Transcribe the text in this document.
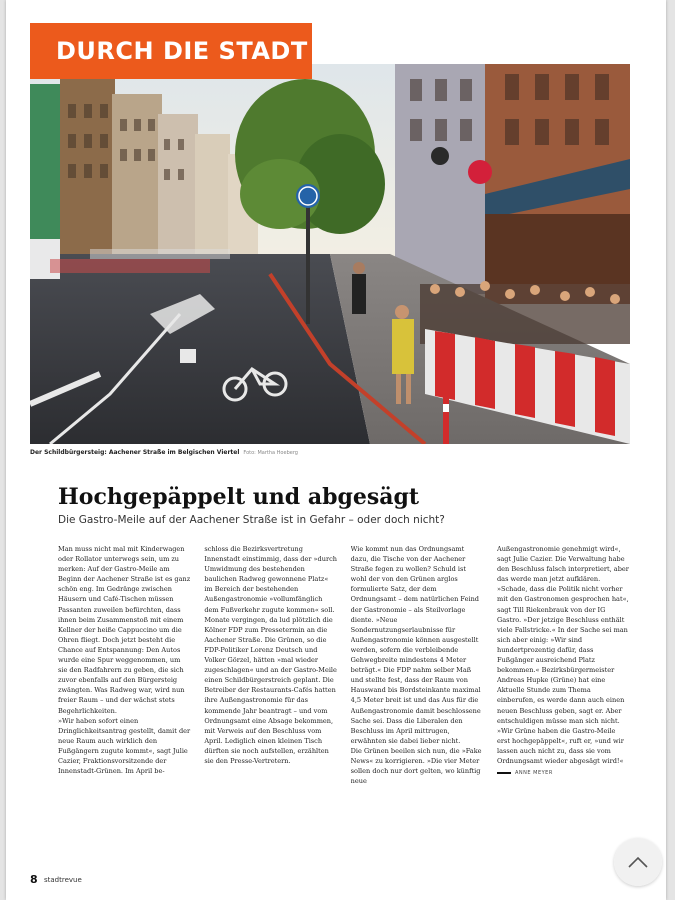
DURCH DIE STADT
Der Schildbürgersteig: Aachener Straße im Belgischen Viertel Foto: Martha Hoeberg
Hochgepäppelt und abgesägt
Die Gastro-Meile auf der Aachener Straße ist in Gefahr – oder doch nicht?

Man muss nicht mal mit Kinderwagen oder Rollator unterwegs sein, um zu merken: Auf der Gastro-Meile am Beginn der Aachener Straße ist es ganz schön eng. Im Gedränge zwischen Häusern und Café-Tischen müssen Passanten zuweilen befürchten, dass ihnen beim Zusammenstoß mit einem Kellner der heiße Cappuccino um die Ohren fliegt. Doch jetzt besteht die Chance auf Entspannung: Den Autos wurde eine Spur weggenommen, um sie den Radfahrern zu geben, die sich zuvor ebenfalls auf den Bürgersteig zwängten. Was Radweg war, wird nun freier Raum – und der wächst stets Begehrlichkeiten.

»Wir haben sofort einen Dringlichkeitsantrag gestellt, damit der neue Raum auch wirklich den Fußgängern zugute kommt«, sagt Julie Cazier, Fraktionsvorsitzende der Innenstadt-Grünen. Im April be-

schloss die Bezirksvertretung Innenstadt einstimmig, dass der »durch Umwidmung des bestehenden baulichen Radweg gewonnene Platz« im Bereich der bestehenden Außengastronomie »vollumfänglich dem Fußverkehr zugute kommen« soll.

Monate vergingen, da lud plötzlich die Kölner FDP zum Pressetermin an die Aachener Straße. Die Grünen, so die FDP-Politiker Lorenz Deutsch und Volker Görzel, hätten »mal wieder zugeschlagen« und an der Gastro-Meile einen Schildbürgerstreich geplant. Die Betreiber der Restaurants-Cafés hatten ihre Außengastronomie für das kommende Jahr beantragt – und vom Ordnungsamt eine Absage bekommen, mit Verweis auf den Beschluss vom April. Lediglich einen kleinen Tisch dürften sie noch aufstellen, erzählten sie den Presse-Vertretern.

Wie kommt nun das Ordnungsamt dazu, die Tische von der Aachener Straße fegen zu wollen? Schuld ist wohl der von den Grünen arglos formulierte Satz, der dem Ordnungsamt – dem natürlichen Feind der Gastronomie – als Steilvorlage diente. »Neue Sondernutzungserlaubnisse für Außengastronomie können ausgestellt werden, sofern die verbleibende Gehwegbreite mindestens 4 Meter beträgt.« Die FDP nahm selber Maß und stellte fest, dass der Raum von Hauswand bis Bordsteinkante maximal 4,5 Meter breit ist und das Aus für die Außengastronomie damit beschlossene Sache sei. Dass die Liberalen den Beschluss im April mittrugen, erwähnten sie dabei lieber nicht.

Die Grünen beeilen sich nun, die »Fake News« zu korrigieren. »Die vier Meter sollen doch nur dort gelten, wo künftig neue

Außengastronomie genehmigt wird«, sagt Julie Cazier. Die Verwaltung habe den Beschluss falsch interpretiert, aber das werde man jetzt aufklären. »Schade, dass die Politik nicht vorher mit den Gastronomen gesprochen hat«, sagt Till Riekenbrauk von der IG Gastro. »Der jetzige Beschluss enthält viele Fallstricke.« In der Sache sei man sich aber einig: »Wir sind hundertprozentig dafür, dass Fußgänger ausreichend Platz bekommen.« Bezirksbürgermeister Andreas Hupke (Grüne) hat eine Aktuelle Stunde zum Thema einberufen, es werde dann auch einen neuen Beschluss geben, sagt er. Aber entschuldigen müsse man sich nicht. »Wir Grüne haben die Gastro-Meile erst hochgepäppelt«, ruft er, »und wir lassen auch nicht zu, dass sie vom Ordnungsamt wieder abgesägt wird!«

ANNE MEYER
8 stadtrevue
